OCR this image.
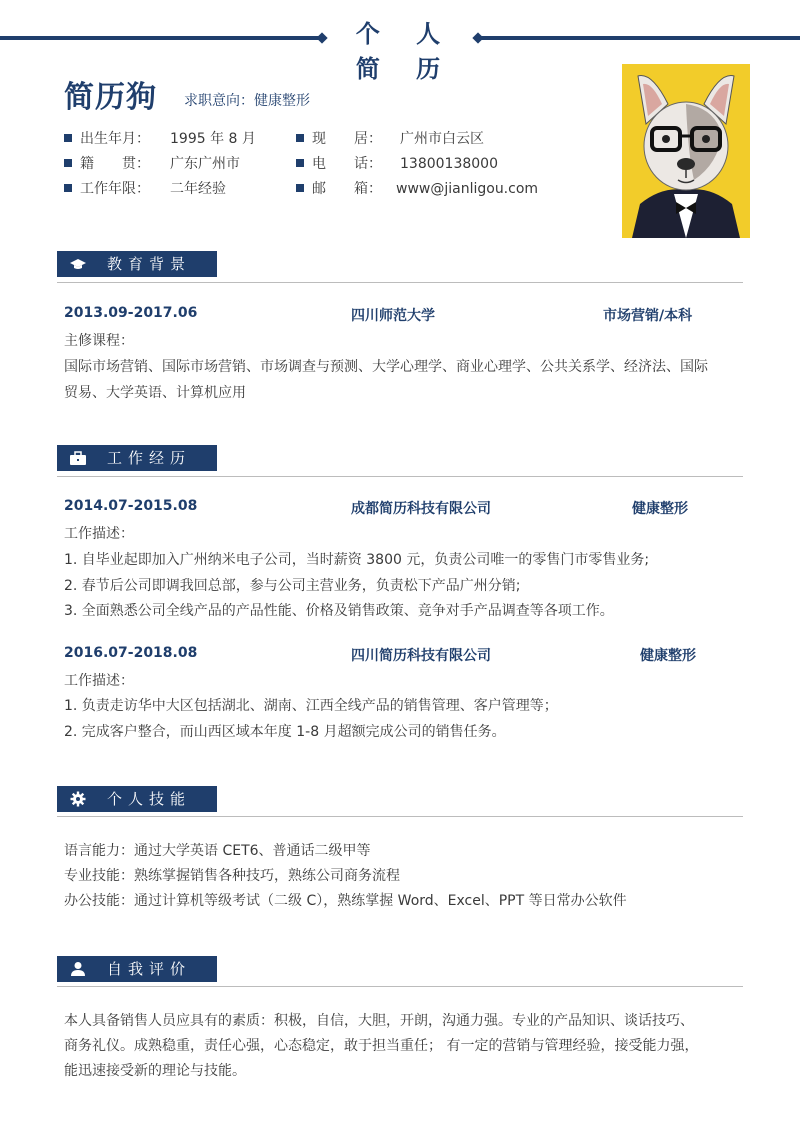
个 人 简 历
简历狗 求职意向：健康整形
出生年月： 1995 年 8 月
籍　　贯： 广东广州市
工作年限： 二年经验
现　　居： 广州市白云区
电　　话： 13800138000
邮　　箱： www@jianligou.com
教育背景
2013.09-2017.06	四川师范大学	市场营销/本科
主修课程：
国际市场营销、国际市场营销、市场调查与预测、大学心理学、商业心理学、公共关系学、经济法、国际
贸易、大学英语、计算机应用
工作经历
2014.07-2015.08	成都简历科技有限公司	健康整形
工作描述：
1. 自毕业起即加入广州纳米电子公司，当时薪资 3800 元，负责公司唯一的零售门市零售业务;
2. 春节后公司即调我回总部，参与公司主营业务，负责松下产品广州分销;
3. 全面熟悉公司全线产品的产品性能、价格及销售政策、竞争对手产品调查等各项工作。
2016.07-2018.08	四川简历科技有限公司	健康整形
工作描述：
1. 负责走访华中大区包括湖北、湖南、江西全线产品的销售管理、客户管理等；
2. 完成客户整合，而山西区域本年度 1-8 月超额完成公司的销售任务。
个人技能
语言能力：通过大学英语 CET6、普通话二级甲等
专业技能：熟练掌握销售各种技巧，熟练公司商务流程
办公技能：通过计算机等级考试（二级 C），熟练掌握 Word、Excel、PPT 等日常办公软件
自我评价
本人具备销售人员应具有的素质：积极，自信，大胆，开朗，沟通力强。专业的产品知识、谈话技巧、
商务礼仪。成熟稳重，责任心强，心态稳定，敢于担当重任； 有一定的营销与管理经验，接受能力强，
能迅速接受新的理论与技能。
